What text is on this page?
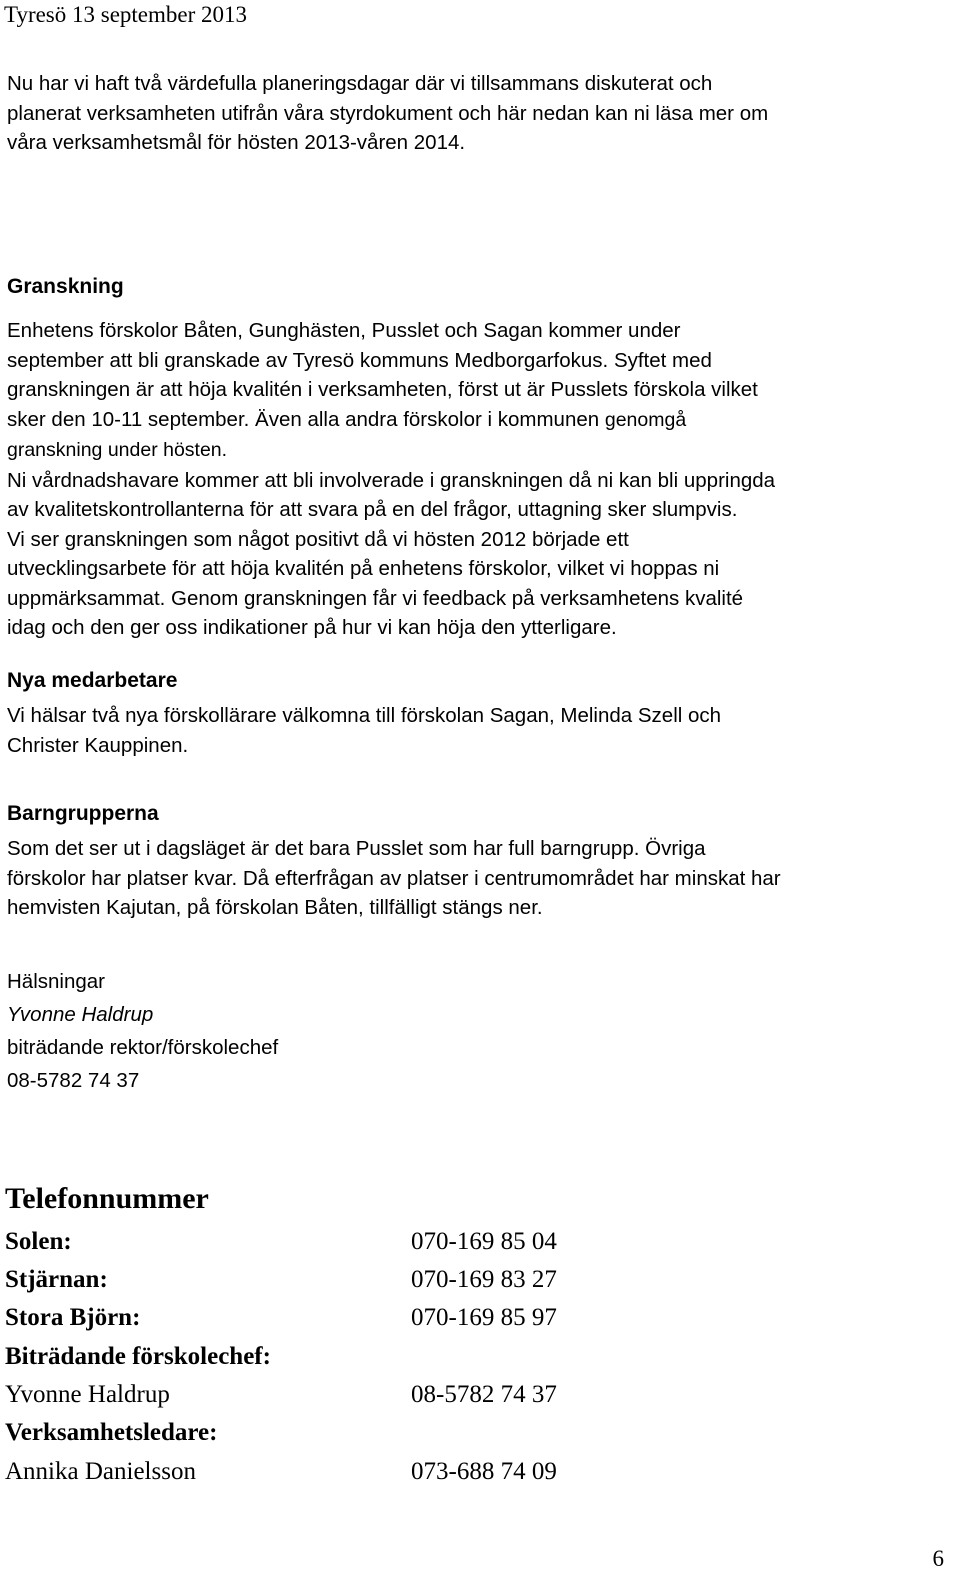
Tyresö 13 september 2013

Nu har vi haft två värdefulla planeringsdagar där vi tillsammans diskuterat och
planerat verksamheten utifrån våra styrdokument och här nedan kan ni läsa mer om
våra verksamhetsmål för hösten 2013-våren 2014.

Granskning

Enhetens förskolor Båten, Gunghästen, Pusslet och Sagan kommer under
september att bli granskade av Tyresö kommuns Medborgarfokus. Syftet med
granskningen är att höja kvalitén i verksamheten, först ut är Pusslets förskola vilket
sker den 10-11 september. Även alla andra förskolor i kommunen genomgå
granskning under hösten.
Ni vårdnadshavare kommer att bli involverade i granskningen då ni kan bli uppringda
av kvalitetskontrollanterna för att svara på en del frågor, uttagning sker slumpvis.
Vi ser granskningen som något positivt då vi hösten 2012 började ett
utvecklingsarbete för att höja kvalitén på enhetens förskolor, vilket vi hoppas ni
uppmärksammat. Genom granskningen får vi feedback på verksamhetens kvalité
idag och den ger oss indikationer på hur vi kan höja den ytterligare.

Nya medarbetare

Vi hälsar två nya förskollärare välkomna till förskolan Sagan, Melinda Szell och
Christer Kauppinen.

Barngrupperna

Som det ser ut i dagsläget är det bara Pusslet som har full barngrupp. Övriga
förskolor har platser kvar. Då efterfrågan av platser i centrumområdet har minskat har
hemvisten Kajutan, på förskolan Båten, tillfälligt stängs ner.

Hälsningar
Yvonne Haldrup
biträdande rektor/förskolechef
08-5782 74 37
Telefonnummer
Solen:	070-169 85 04
Stjärnan:	070-169 83 27
Stora Björn:	070-169 85 97
Biträdande förskolechef:
Yvonne Haldrup	08-5782 74 37
Verksamhetsledare:
Annika Danielsson	073-688 74 09
6
